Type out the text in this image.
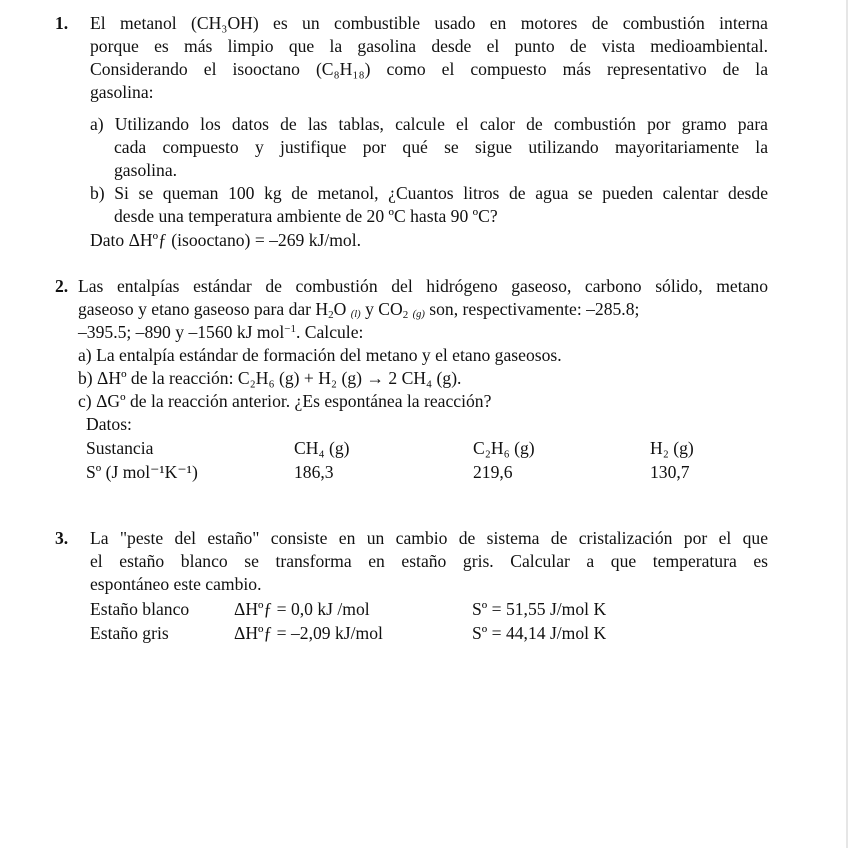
1. El metanol (CH₃OH) es un combustible usado en motores de combustión interna
porque es más limpio que la gasolina desde el punto de vista medioambiental.
Considerando el isooctano (C₈H₁₈) como el compuesto más representativo de la
gasolina:
a) Utilizando los datos de las tablas, calcule el calor de combustión por gramo para
cada compuesto y justifique por qué se sigue utilizando mayoritariamente la
gasolina.
b) Si se queman 100 kg de metanol, ¿Cuantos litros de agua se pueden calentar desde
desde una temperatura ambiente de 20 ºC hasta 90 ºC?
Dato ΔHºƒ (isooctano) = –269 kJ/mol.
2. Las entalpías estándar de combustión del hidrógeno gaseoso, carbono sólido, metano
gaseoso y etano gaseoso para dar $H_2O$ (l) y $CO_2$ (g) son, respectivamente: –285.8;
–395.5; –890 y –1560 kJ mol$^{-1}$. Calcule:
a) La entalpía estándar de formación del metano y el etano gaseosos.
b) ΔHº de la reacción: C₂H₆ (g) + H₂ (g) → 2 CH₄ (g).
c) ΔGº de la reacción anterior. ¿Es espontánea la reacción?
Datos:
Sustancia	CH₄ (g)	C₂H₆ (g)	H₂ (g)
Sº (J mol⁻¹K⁻¹)	186,3	219,6	130,7
3. La "peste del estaño" consiste en un cambio de sistema de cristalización por el que
el estaño blanco se transforma en estaño gris. Calcular a que temperatura es
espontáneo este cambio.
Estaño blanco	ΔHºƒ = 0,0 kJ /mol	Sº = 51,55 J/mol K
Estaño gris	ΔHºƒ = –2,09 kJ/mol	Sº = 44,14 J/mol K
